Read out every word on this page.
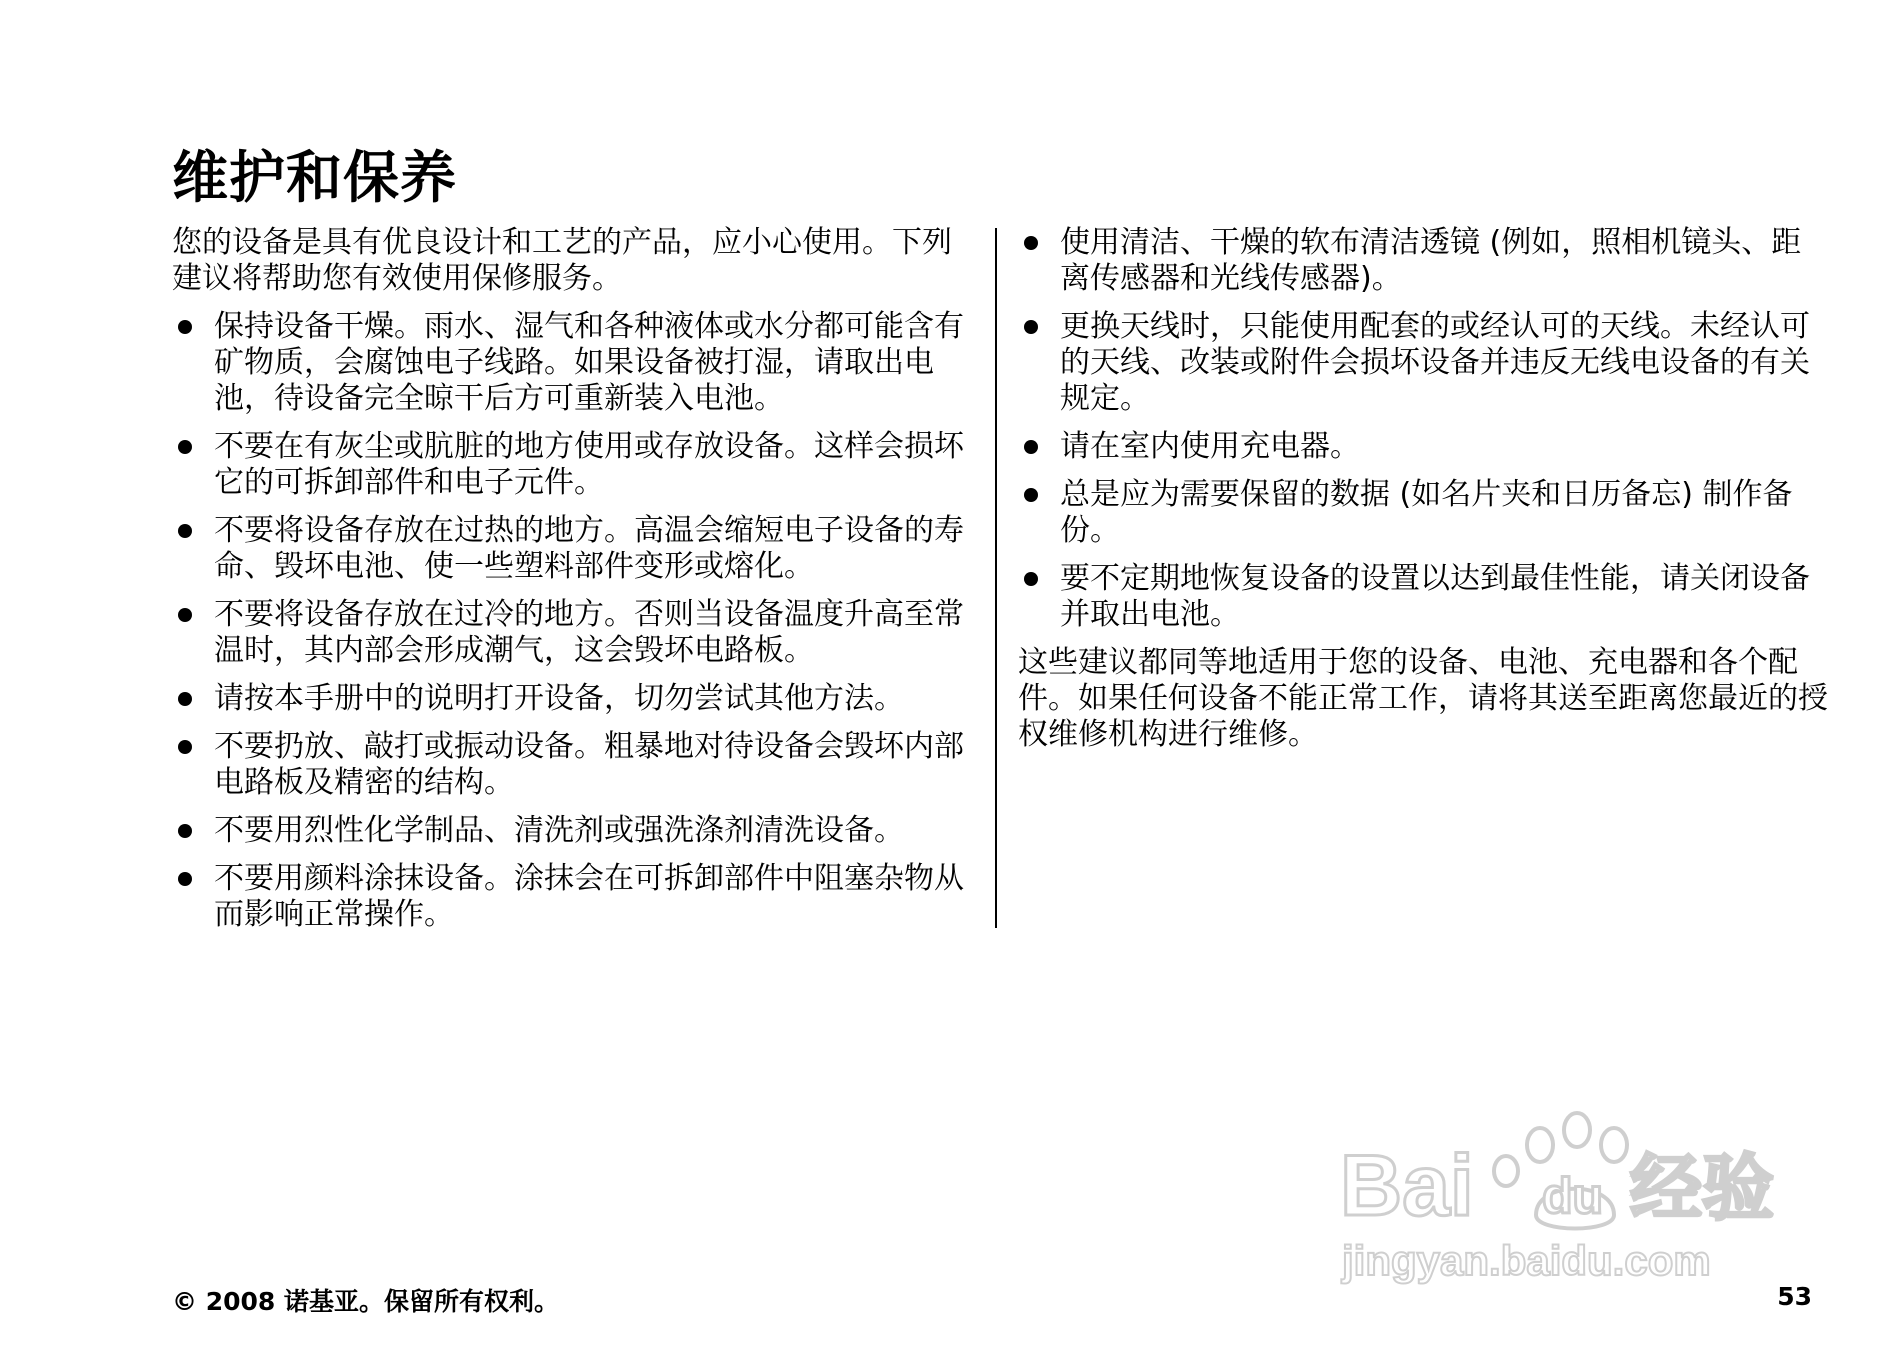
维护和保养

您的设备是具有优良设计和工艺的产品，应小心使用。下列建议将帮助您有效使用保修服务。

保持设备干燥。雨水、湿气和各种液体或水分都可能含有矿物质，会腐蚀电子线路。如果设备被打湿，请取出电池，待设备完全晾干后方可重新装入电池。
不要在有灰尘或肮脏的地方使用或存放设备。这样会损坏它的可拆卸部件和电子元件。
不要将设备存放在过热的地方。高温会缩短电子设备的寿命、毁坏电池、使一些塑料部件变形或熔化。
不要将设备存放在过冷的地方。否则当设备温度升高至常温时，其内部会形成潮气，这会毁坏电路板。
请按本手册中的说明打开设备，切勿尝试其他方法。
不要扔放、敲打或振动设备。粗暴地对待设备会毁坏内部电路板及精密的结构。
不要用烈性化学制品、清洗剂或强洗涤剂清洗设备。
不要用颜料涂抹设备。涂抹会在可拆卸部件中阻塞杂物从而影响正常操作。
使用清洁、干燥的软布清洁透镜 (例如，照相机镜头、距离传感器和光线传感器)。
更换天线时，只能使用配套的或经认可的天线。未经认可的天线、改装或附件会损坏设备并违反无线电设备的有关规定。
请在室内使用充电器。
总是应为需要保留的数据 (如名片夹和日历备忘) 制作备份。
要不定期地恢复设备的设置以达到最佳性能，请关闭设备并取出电池。

这些建议都同等地适用于您的设备、电池、充电器和各个配件。如果任何设备不能正常工作，请将其送至距离您最近的授权维修机构进行维修。

Bai du 经验
jingyan.baidu.com
© 2008 诺基亚。保留所有权利。	53
